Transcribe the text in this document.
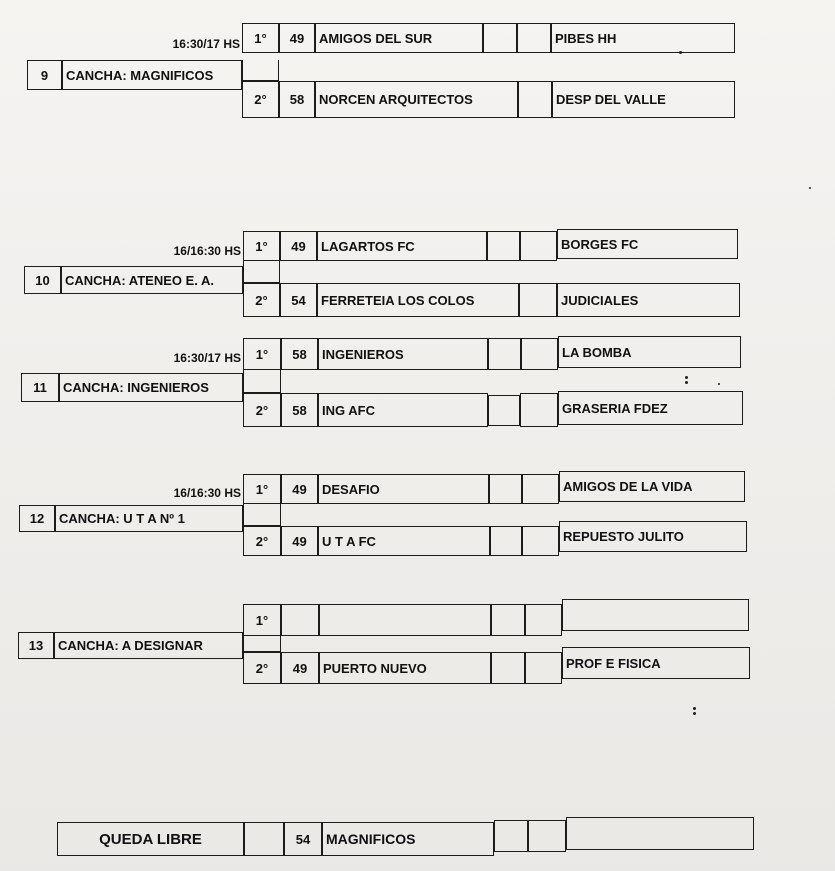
16:30/17 HS	1°	49	AMIGOS DEL SUR	PIBES HH
9	CANCHA: MAGNIFICOS
2°	58	NORCEN ARQUITECTOS	DESP DEL VALLE
16/16:30 HS	1°	49	LAGARTOS FC	BORGES FC
10	CANCHA: ATENEO E. A.
2°	54	FERRETEIA LOS COLOS	JUDICIALES
16:30/17 HS	1°	58	INGENIEROS	LA BOMBA
11	CANCHA: INGENIEROS
2°	58	ING AFC	GRASERIA FDEZ
16/16:30 HS	1°	49	DESAFIO	AMIGOS DE LA VIDA
12	CANCHA: U T A Nº 1
2°	49	U T A FC	REPUESTO JULITO
1°
13	CANCHA: A DESIGNAR
2°	49	PUERTO NUEVO	PROF E FISICA
QUEDA LIBRE	54	MAGNIFICOS
